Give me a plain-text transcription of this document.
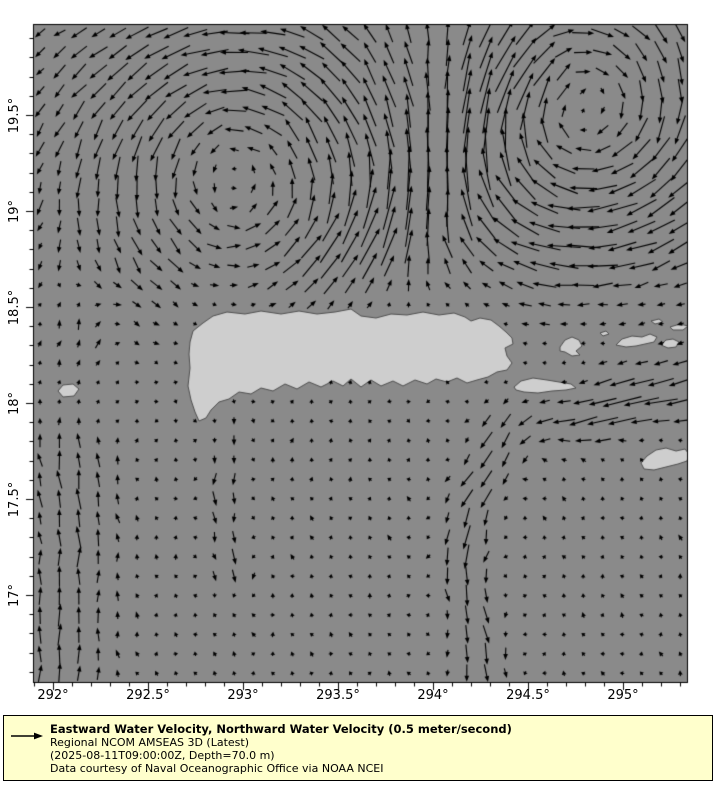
292°	292.5°	293°	293.5°	294°	294.5°	295°
19.5°
19°
18.5°
18°
17.5°
17°
Eastward Water Velocity, Northward Water Velocity (0.5 meter/second)
Regional NCOM AMSEAS 3D (Latest)
(2025-08-11T09:00:00Z, Depth=70.0 m)
Data courtesy of Naval Oceanographic Office via NOAA NCEI
